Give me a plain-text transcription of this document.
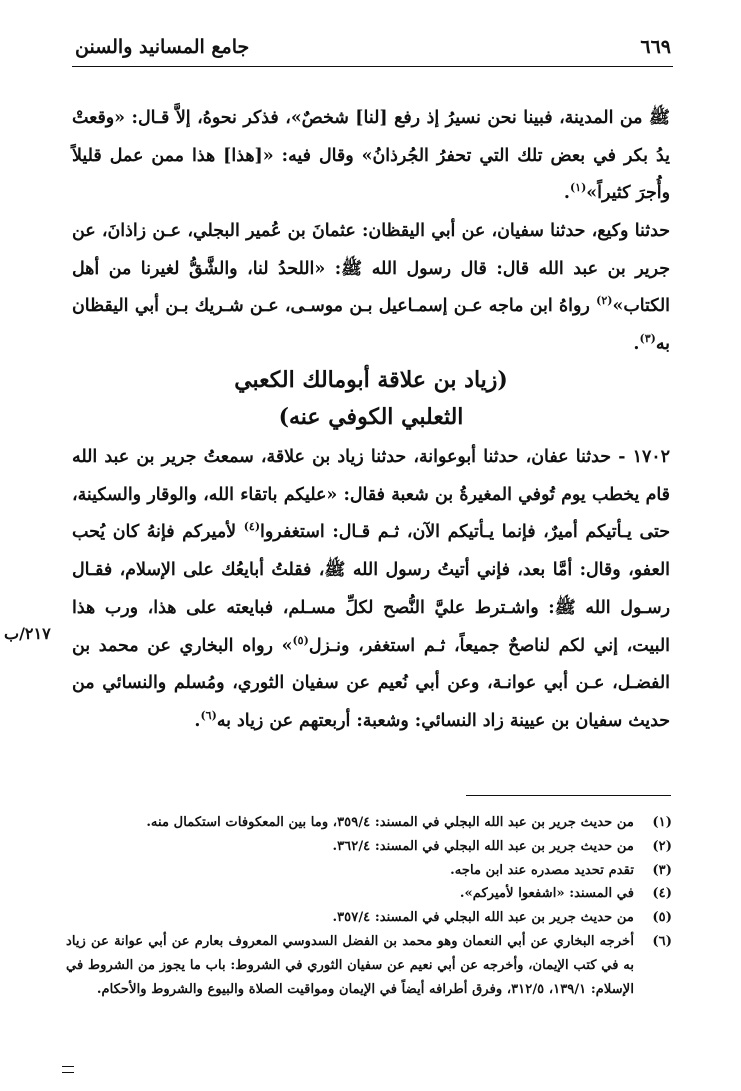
٦٦٩
جامع المسانيد والسنن

ﷺ من المدينة، فبينا نحن نسيرُ إذ رفع [لنا] شخصٌ»، فذكر نحوهُ، إلاَّ قـال: «وقعتْ يدُ بكر في بعض تلك التي تحفرُ الجُرذانُ» وقال فيه: «[هذا] هذا ممن عمل قليلاً وأُجرَ كثيراً»$^{(١)}$.

حدثنا وكيع، حدثنا سفيان، عن أبي اليقظان: عثمانَ بن عُمير البجلي، عـن زاذانَ، عن جرير بن عبد الله قال: قال رسول الله ﷺ: «اللحدُ لنا، والشَّقُّ لغيرنا من أهل الكتاب»$^{(٢)}$ رواهُ ابن ماجه عـن إسمـاعيل بـن موسـى، عـن شـريك بـن أبي اليقظان به$^{(٣)}$.

(زياد بن علاقة أبومالك الكعبي
الثعلبي الكوفي عنه)

١٧٠٢ - حدثنا عفان، حدثنا أبوعوانة، حدثنا زياد بن علاقة، سمعتُ جرير بن عبد الله قام يخطب يوم تُوفي المغيرةُ بن شعبة فقال: «عليكم باتقاء الله، والوقار والسكينة، حتى يـأتيكم أميرٌ، فإنما يـأتيكم الآن، ثـم قـال: استغفروا$^{(٤)}$ لأميركم فإنهُ كان يُحب العفو، وقال: أمَّا بعد، فإني أتيتُ رسول الله ﷺ، فقلتُ أبايعُك على الإسلام، فقـال رسـول الله ﷺ: واشـترط عليَّ النُّصح لكلِّ مسـلم، فبايعته على هذا، ورب هذا البيت، إني لكم لناصحٌ جميعاً، ثـم استغفر، ونـزل$^{(٥)}$» رواه البخاري عن محمد بن الفضـل، عـن أبي عوانـة، وعن أبي نُعيم عن سفيان الثوري، ومُسلم والنسائي من حديث سفيان بن عيينة زاد النسائي: وشعبة: أربعتهم عن زياد به$^{(٦)}$.

٢١٧/ب
(١)
من حديث جرير بن عبد الله البجلي في المسند: ٣٥٩/٤، وما بين المعكوفات استكمال منه.
(٢)
من حديث جرير بن عبد الله البجلي في المسند: ٣٦٢/٤.
(٣)
تقدم تحديد مصدره عند ابن ماجه.
(٤)
في المسند: «اشفعوا لأميركم».
(٥)
من حديث جرير بن عبد الله البجلي في المسند: ٣٥٧/٤.
(٦)
أخرجه البخاري عن أبي النعمان وهو محمد بن الفضل السدوسي المعروف بعارم عن أبي عوانة عن زياد به في كتب الإيمان، وأخرجه عن أبي نعيم عن سفيان الثوري في الشروط: باب ما يجوز من الشروط في الإسلام: ١٣٩/١، ٣١٢/٥، وفرق أطرافه أيضاً في الإيمان ومواقيت الصلاة والبيوع والشروط والأحكام.
